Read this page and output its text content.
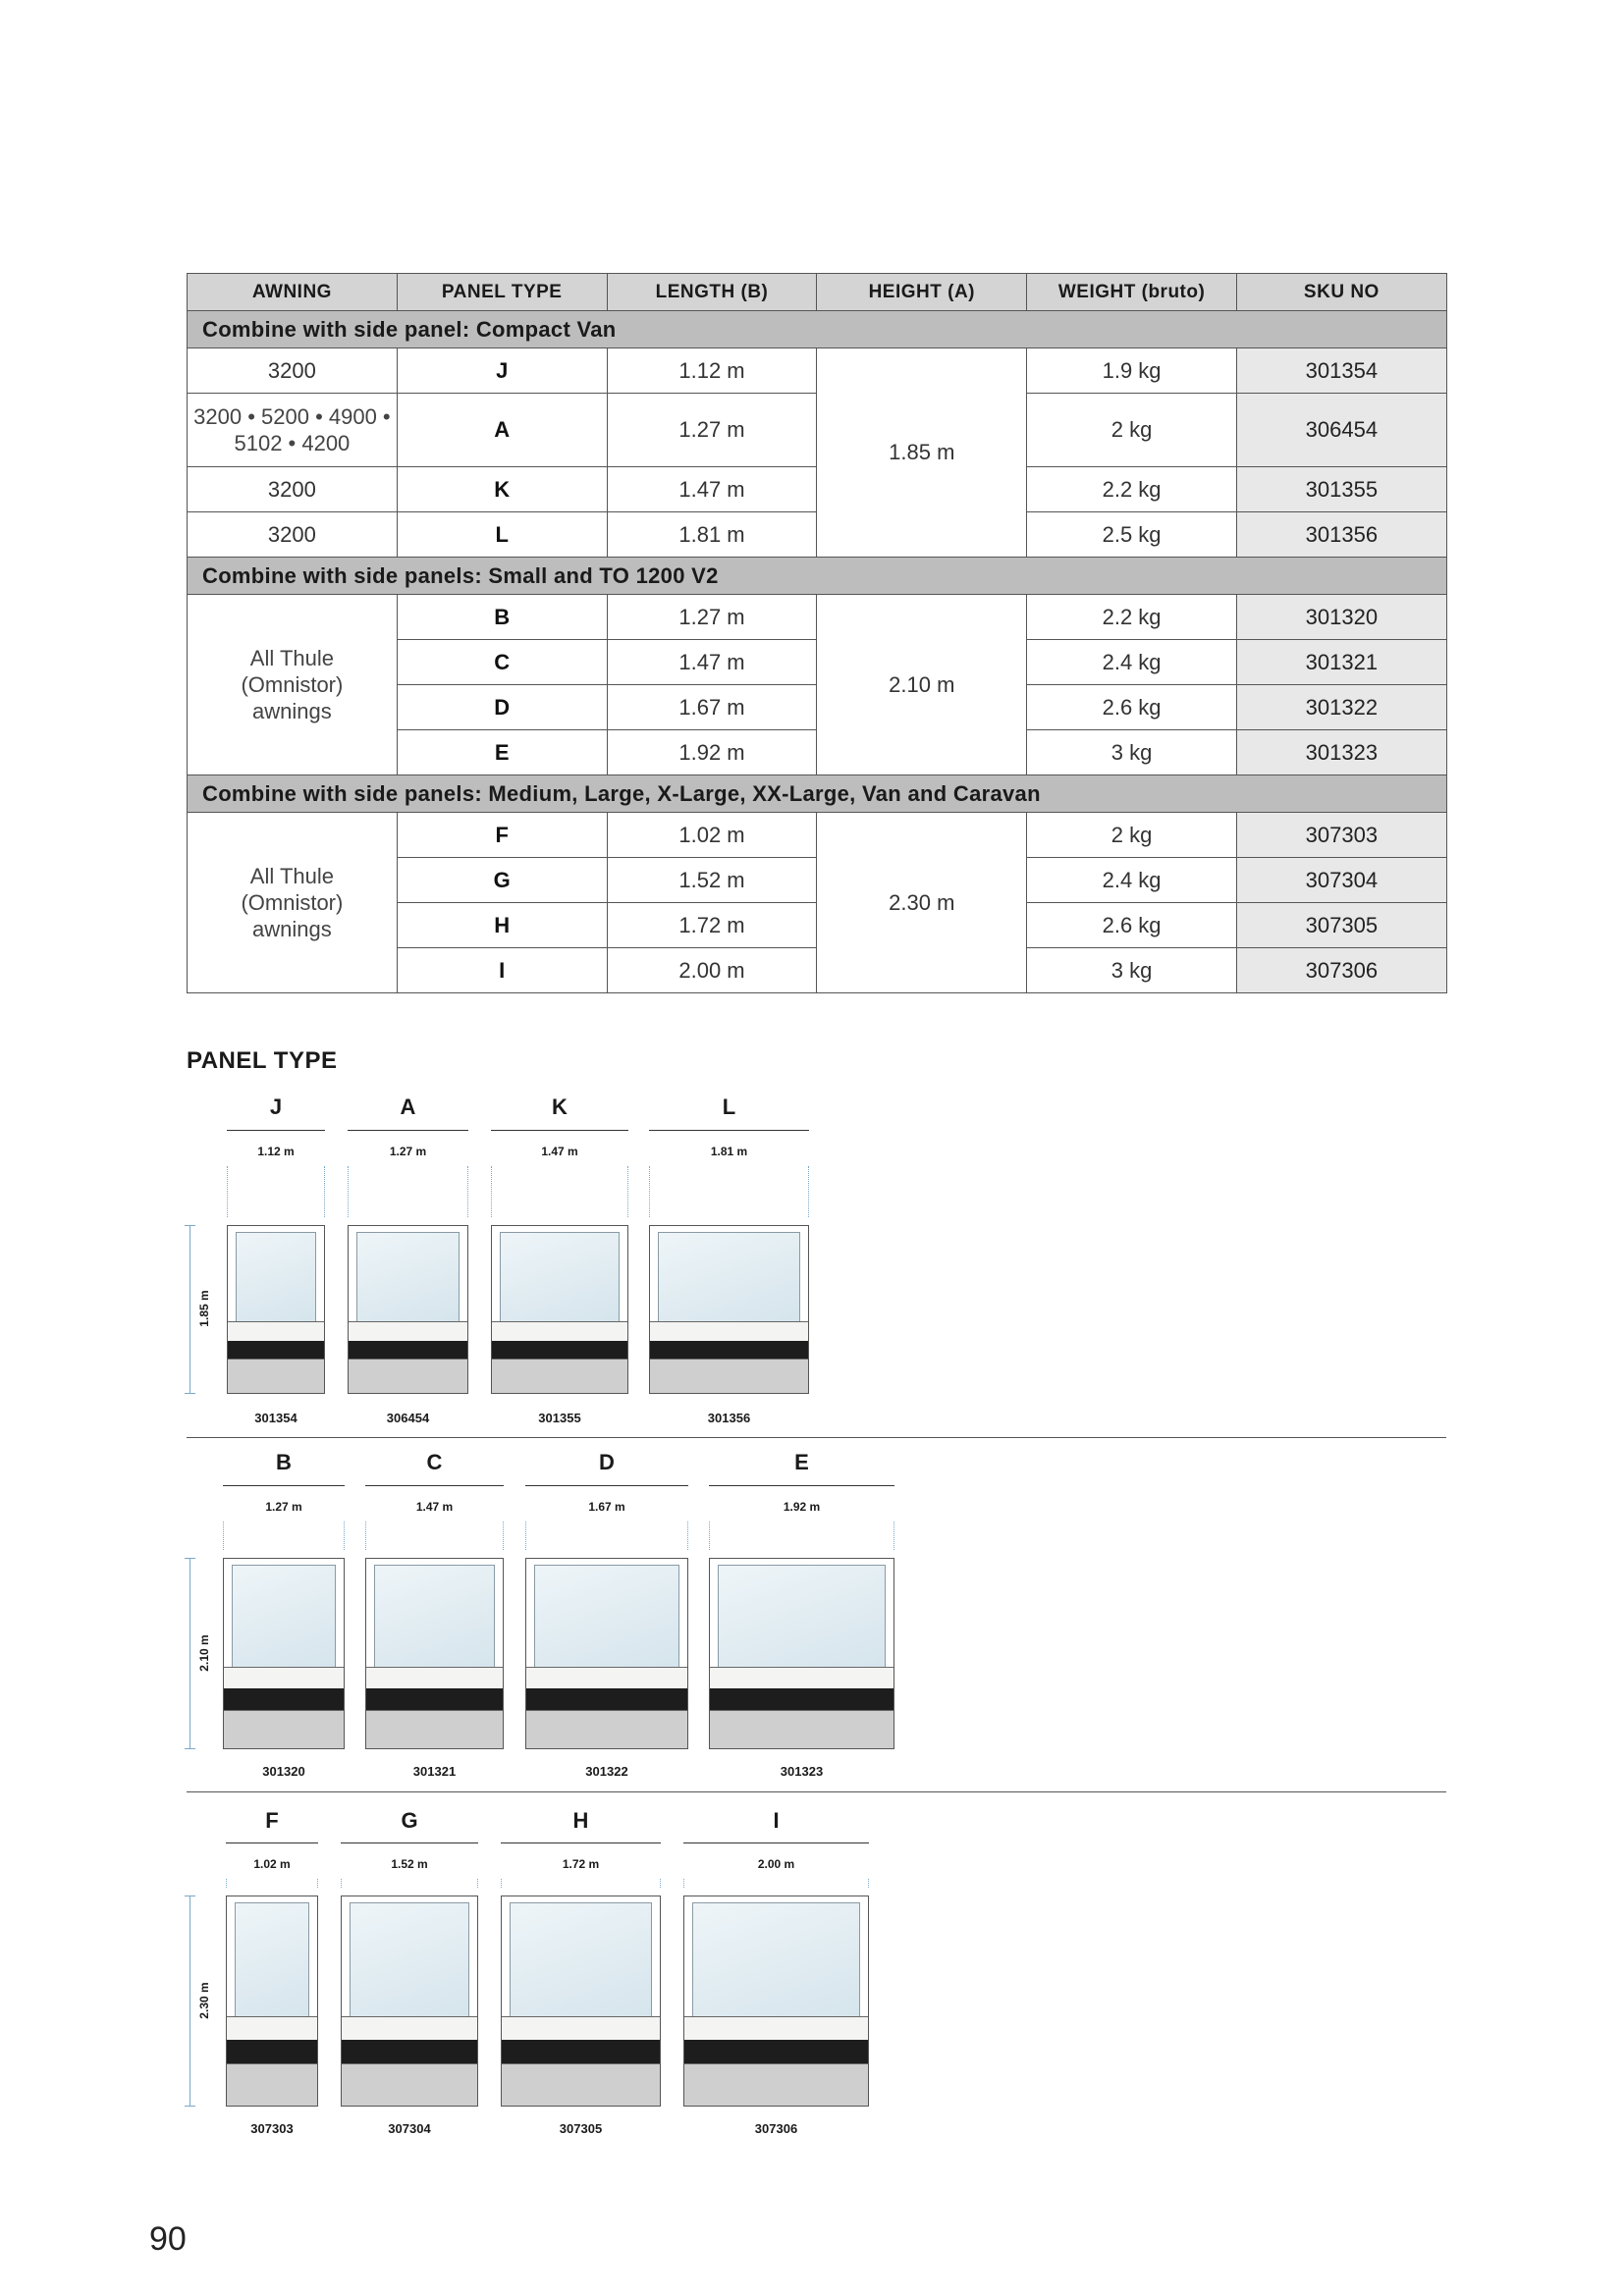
AWNING	PANEL TYPE	LENGTH (B)	HEIGHT (A)	WEIGHT (bruto)	SKU NO
Combine with side panel: Compact Van					
3200	J	1.12 m	1.85 m	1.9 kg	301354
3200 • 5200 • 4900 • 5102 • 4200	A	1.27 m		2 kg	306454
3200	K	1.47 m		2.2 kg	301355
3200	L	1.81 m		2.5 kg	301356
Combine with side panels: Small and TO 1200 V2					

All Thule (Omnistor) awnings	B	1.27 m	2.10 m	2.2 kg	301320
	C	1.47 m		2.4 kg	301321
	D	1.67 m		2.6 kg	301322
	E	1.92 m		3 kg	301323
Combine with side panels: Medium, Large, X-Large, XX-Large, Van and Caravan					

All Thule (Omnistor) awnings	F	1.02 m	2.30 m	2 kg	307303
	G	1.52 m		2.4 kg	307304
	H	1.72 m		2.6 kg	307305
	I	2.00 m		3 kg	307306
PANEL TYPE
1.85 m
J
1.12 m
301354
A
1.27 m
306454
K
1.47 m
301355
L
1.81 m
301356
2.10 m
B
1.27 m
301320
C
1.47 m
301321
D
1.67 m
301322
E
1.92 m
301323
2.30 m
F
1.02 m
307303
G
1.52 m
307304
H
1.72 m
307305
I
2.00 m
307306
90
